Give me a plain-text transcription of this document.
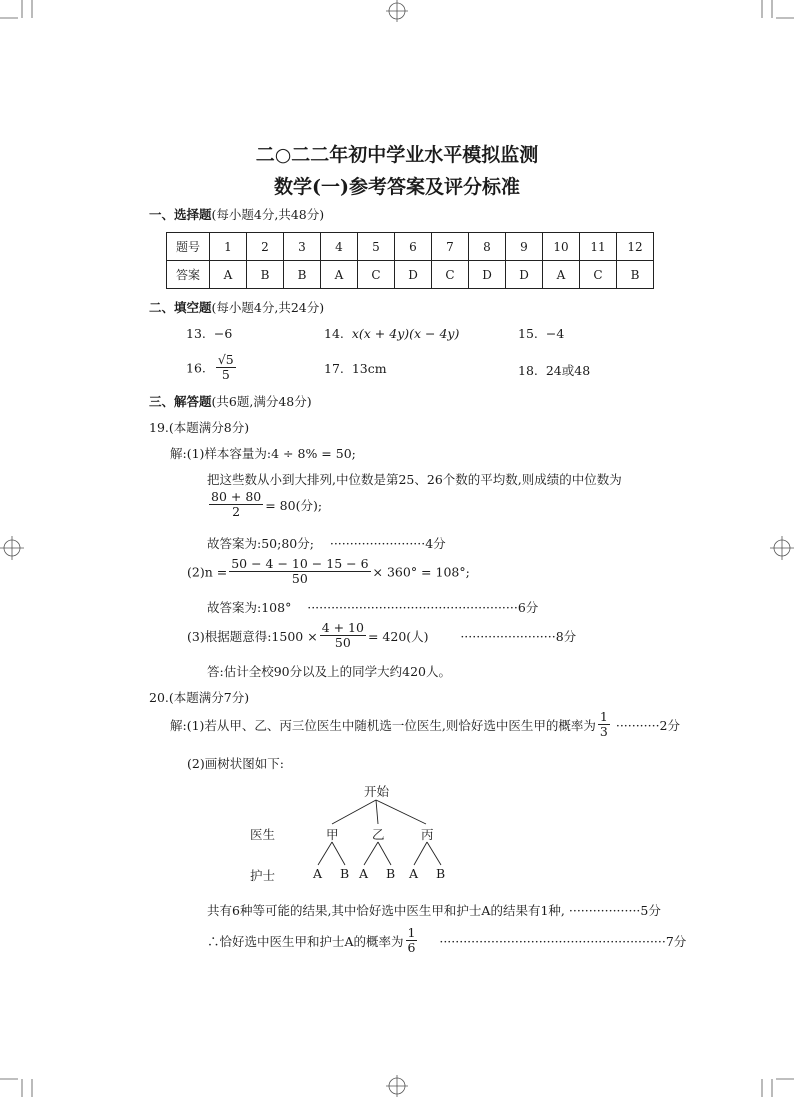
二○二二年初中学业水平模拟监测
数学(一)参考答案及评分标准
一、选择题(每小题4分,共48分)
题号	1	2	3	4	5	6	7	8	9	10	11	12
答案	A	B	B	A	C	D	C	D	D	A	C	B
二、填空题(每小题4分,共24分)
13. −6	14. x(x + 4y)(x − 4y)	15. −4
16. $\frac{√5}{5}$	17. 13cm	18. 24或48
三、解答题(共6题,满分48分)
19.(本题满分8分)
解:(1)样本容量为:4 ÷ 8% = 50;
把这些数从小到大排列,中位数是第25、26个数的平均数,则成绩的中位数为
$\frac{80 + 80}{2} = 80$(分);
故答案为:50;80分; ························4分
$(2)n = \frac{50 - 4 - 10 - 15 - 6}{50} \times 360^\circ = 108^\circ$;
故答案为:108° ·····················································6分
(3)根据题意得:1500 × $\frac{4 + 10}{50} = 420$(人)	························8分
答:估计全校90分以及上的同学大约420人。
20.(本题满分7分)
解:(1)若从甲、乙、丙三位医生中随机选一位医生,则恰好选中医生甲的概率为 $\frac{1}{3} \cdot\cdot\cdot\cdot\cdot\cdot\cdot\cdot\cdot\cdot\cdot 2$分
(2)画树状图如下:
开始
医生
护士
甲	乙	丙
A B A B A B
共有6种等可能的结果,其中恰好选中医生甲和护士A的结果有1种, ··················5分
∴恰好选中医生甲和护士A的概率为 $\frac{1}{6} \cdot\cdot\cdot\cdot\cdot\cdot\cdot\cdot\cdot\cdot\cdot\cdot\cdot\cdot\cdot\cdot\cdot\cdot\cdot\cdot\cdot\cdot\cdot\cdot\cdot\cdot\cdot\cdot\cdot\cdot\cdot\cdot\cdot\cdot\cdot\cdot\cdot\cdot\cdot\cdot\cdot\cdot\cdot\cdot\cdot\cdot\cdot\cdot\cdot\cdot\cdot\cdot\cdot\cdot\cdot\cdot\cdot 7$分
